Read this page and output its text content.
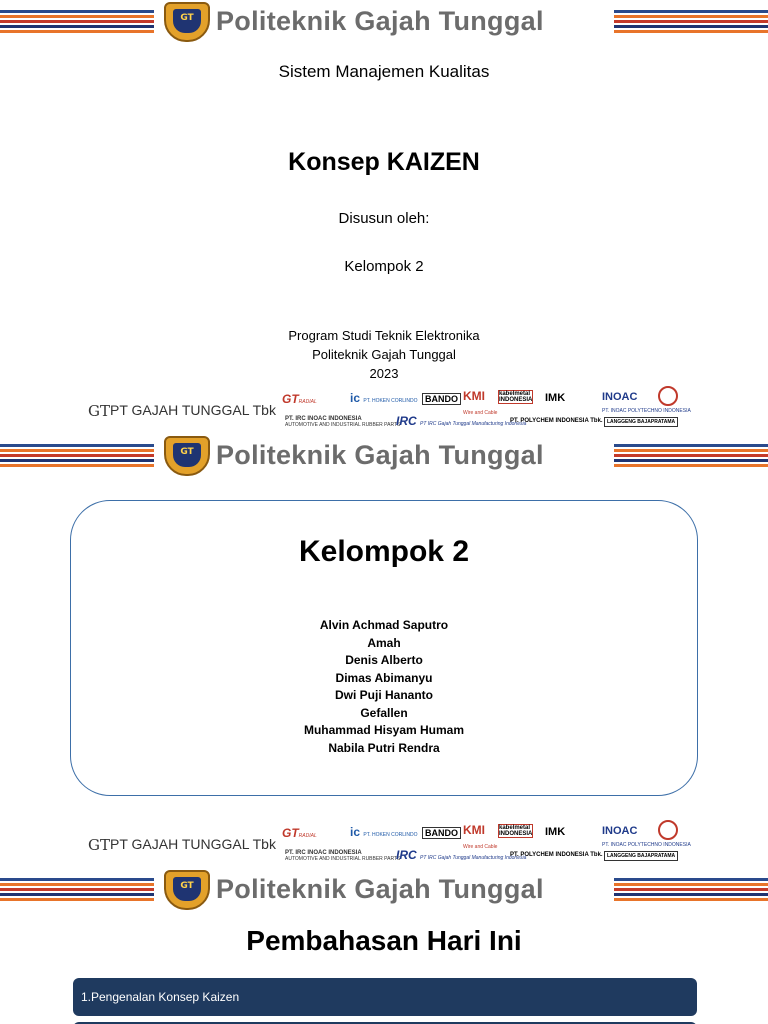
GT Politeknik Gajah Tunggal
Sistem Manajemen Kualitas
Konsep KAIZEN
Disusun oleh:
Kelompok 2
Program Studi Teknik Elektronika
Politeknik Gajah Tunggal
2023
GT PT GAJAH TUNGGAL Tbk
GTRADIAL	ic PT. HOKEN CORLINDO BANDO KMI
Wire and Cable
kabelmetal
INDONESIA IMK	INOAC
PT. INOAC POLYTECHNO INDONESIA
PT. IRC INOAC INDONESIA
AUTOMOTIVE AND INDUSTRIAL RUBBER PARTS
IRC PT IRC Gajah Tunggal Manufacturing Indonesia
PT. POLYCHEM INDONESIA Tbk. LANGGENG BAJAPRATAMA
GT Politeknik Gajah Tunggal
Kelompok 2
Alvin Achmad Saputro
Amah
Denis Alberto
Dimas Abimanyu
Dwi Puji Hananto
Gefallen
Muhammad Hisyam Humam
Nabila Putri Rendra
GT PT GAJAH TUNGGAL Tbk
GTRADIAL	ic PT. HOKEN CORLINDO BANDO KMI
Wire and Cable
kabelmetal
INDONESIA IMK	INOAC
PT. INOAC POLYTECHNO INDONESIA
PT. IRC INOAC INDONESIA
AUTOMOTIVE AND INDUSTRIAL RUBBER PARTS
IRC PT IRC Gajah Tunggal Manufacturing Indonesia
PT. POLYCHEM INDONESIA Tbk. LANGGENG BAJAPRATAMA
GT Politeknik Gajah Tunggal
Pembahasan Hari Ini
1.Pengenalan Konsep Kaizen
